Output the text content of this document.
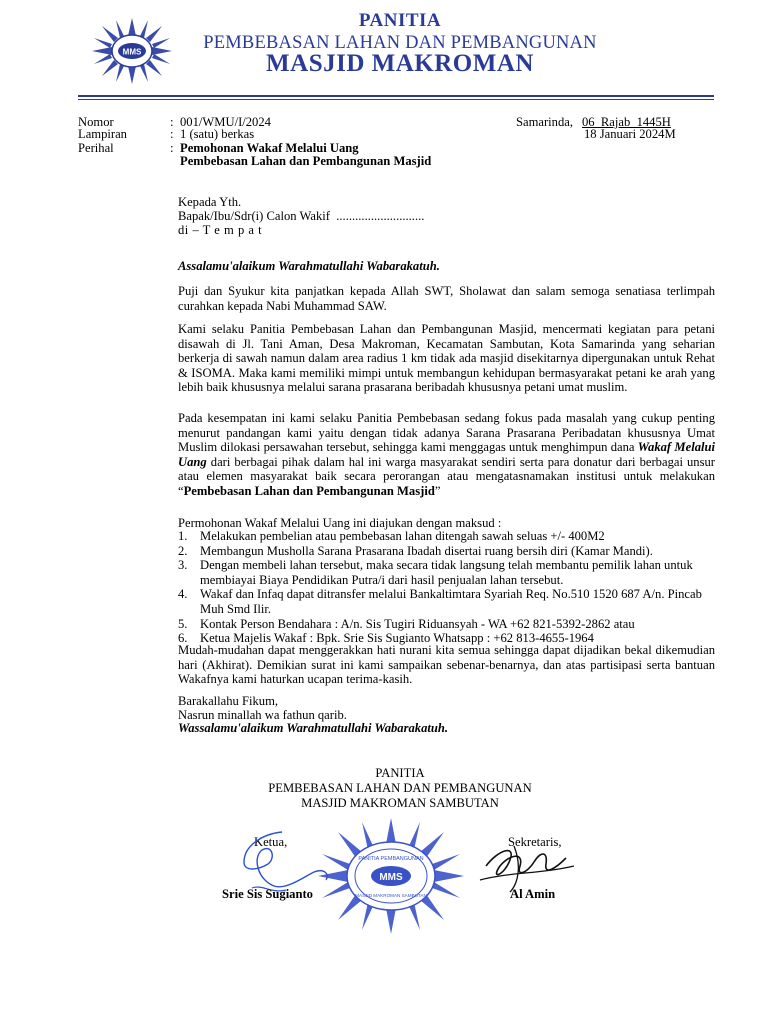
MMS
PANITIA
PEMBEBASAN LAHAN DAN PEMBANGUNAN
MASJID MAKROMAN
Nomor	: 001/WMU/I/2024
Lampiran	: 1 (satu) berkas
Perihal	: Pemohonan Wakaf Melalui Uang
Pembebasan Lahan dan Pembangunan Masjid
Samarinda, 06  Rajab  1445H
18 Januari 2024M
Kepada Yth.
Bapak/Ibu/Sdr(i) Calon Wakif  ............................
di – T e m p a t
Assalamu'alaikum Warahmatullahi Wabarakatuh.
Puji dan Syukur kita panjatkan kepada Allah SWT, Sholawat dan salam semoga senatiasa terlimpah curahkan kepada Nabi Muhammad SAW.
Kami selaku Panitia Pembebasan Lahan dan Pembangunan Masjid, mencermati kegiatan para petani disawah di Jl. Tani Aman, Desa Makroman, Kecamatan Sambutan, Kota Samarinda yang seharian berkerja di sawah namun dalam area radius 1 km tidak ada masjid disekitarnya dipergunakan untuk Rehat & ISOMA. Maka kami memiliki mimpi untuk membangun kehidupan bermasyarakat petani ke arah yang lebih baik khususnya melalui sarana prasarana beribadah khususnya petani umat muslim.
Pada kesempatan ini kami selaku Panitia Pembebasan sedang fokus pada masalah yang cukup penting menurut pandangan kami yaitu dengan tidak adanya Sarana Prasarana Peribadatan khususnya Umat Muslim dilokasi persawahan tersebut, sehingga kami menggagas untuk menghimpun dana Wakaf Melalui Uang dari berbagai pihak dalam hal ini warga masyarakat sendiri serta para donatur dari berbagai unsur atau elemen masyarakat baik secara perorangan atau mengatasnamakan institusi untuk melakukan “Pembebasan Lahan dan Pembangunan Masjid”
Permohonan Wakaf Melalui Uang ini diajukan dengan maksud :
1. Melakukan pembelian atau pembebasan lahan ditengah sawah seluas +/- 400M2
2. Membangun Musholla Sarana Prasarana Ibadah disertai ruang bersih diri (Kamar Mandi).
3. Dengan membeli lahan tersebut, maka secara tidak langsung telah membantu pemilik lahan untuk membiayai Biaya Pendidikan Putra/i dari hasil penjualan lahan tersebut.
4. Wakaf dan Infaq dapat ditransfer melalui Bankaltimtara Syariah Req. No.510 1520 687 A/n. Pincab Muh Smd Ilir.
5. Kontak Person Bendahara : A/n. Sis Tugiri Riduansyah - WA +62 821-5392-2862 atau
6. Ketua Majelis Wakaf : Bpk. Srie Sis Sugianto Whatsapp : +62 813-4655-1964
Mudah-mudahan dapat menggerakkan hati nurani kita semua sehingga dapat dijadikan bekal dikemudian hari (Akhirat). Demikian surat ini kami sampaikan sebenar-benarnya, dan atas partisipasi serta bantuan Wakafnya kami haturkan ucapan terima-kasih.
Barakallahu Fikum,
Nasrun minallah wa fathun qarib.
Wassalamu'alaikum Warahmatullahi Wabarakatuh.
PANITIA
PEMBEBASAN LAHAN DAN PEMBANGUNAN
MASJID MAKROMAN SAMBUTAN
Ketua,	Sekretaris,
MMS
PANITIA PEMBANGUNAN
MASJID MAKROMAN SAMBUTAN
Srie Sis Sugianto	Al Amin
